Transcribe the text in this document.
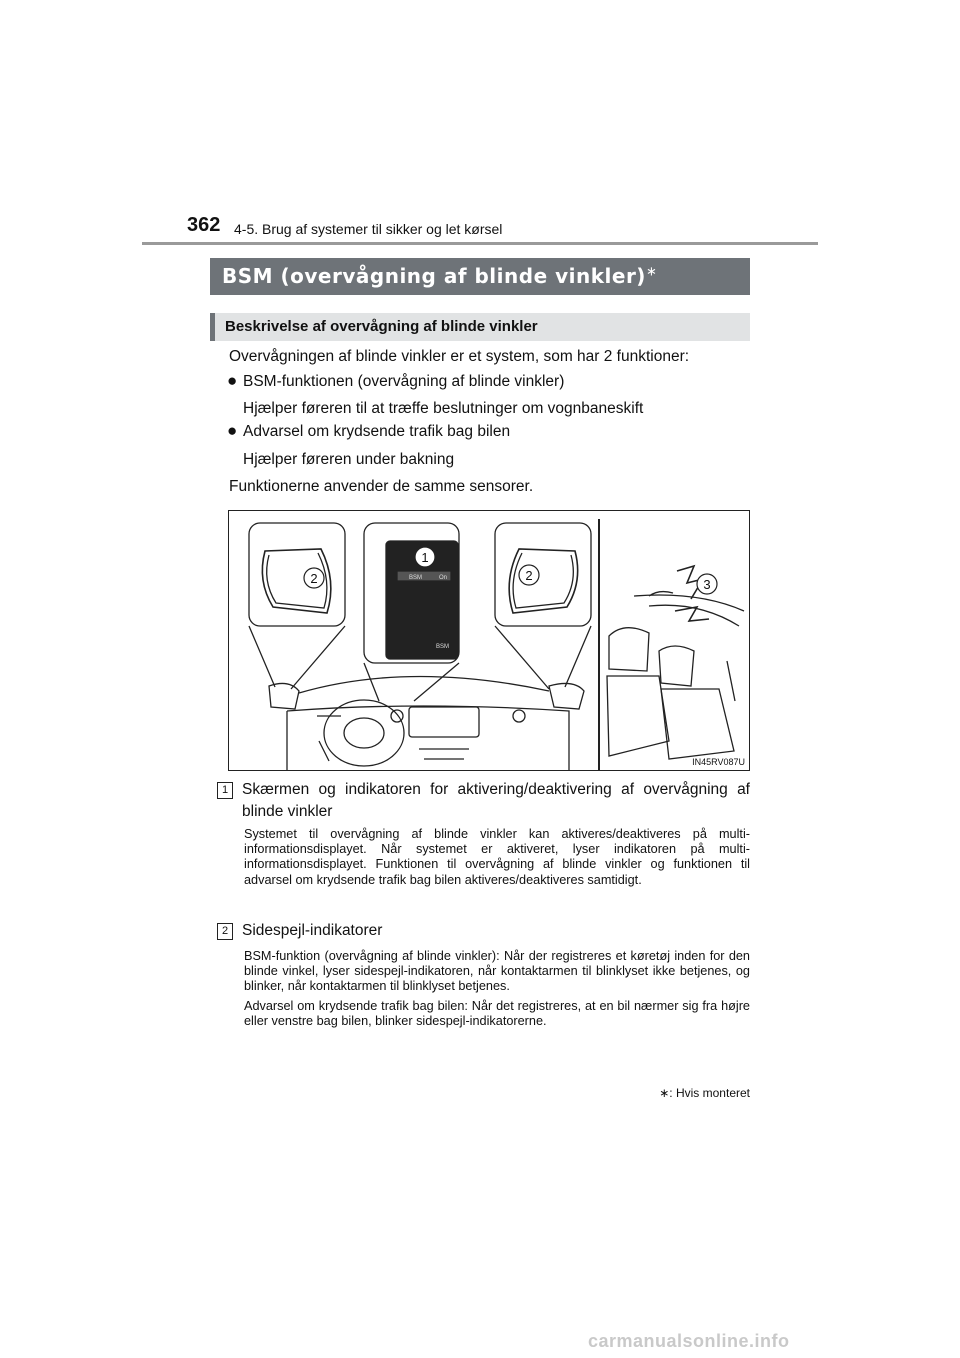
362 4-5. Brug af systemer til sikker og let kørsel
BSM (overvågning af blinde vinkler)∗
Beskrivelse af overvågning af blinde vinkler
Overvågningen af blinde vinkler er et system, som har 2 funktioner:
● BSM-funktionen (overvågning af blinde vinkler)
Hjælper føreren til at træffe beslutninger om vognbaneskift
● Advarsel om krydsende trafik bag bilen
Hjælper føreren under bakning
Funktionerne anvender de samme sensorer.
1
2	2
3
BSM	On
BSM
IN45RV087U
1 Skærmen og indikatoren for aktivering/deaktivering af overvågning af blinde vinkler

Systemet til overvågning af blinde vinkler kan aktiveres/deaktiveres på multi-informationsdisplayet. Når systemet er aktiveret, lyser indikatoren på multi-informationsdisplayet. Funktionen til overvågning af blinde vinkler og funktionen til advarsel om krydsende trafik bag bilen aktiveres/deaktiveres samtidigt.

2 Sidespejl-indikatorer

BSM-funktion (overvågning af blinde vinkler): Når der registreres et køretøj inden for den blinde vinkel, lyser sidespejl-indikatoren, når kontaktarmen til blinklyset ikke betjenes, og blinker, når kontaktarmen til blinklyset betjenes.

Advarsel om krydsende trafik bag bilen: Når det registreres, at en bil nærmer sig fra højre eller venstre bag bilen, blinker sidespejl-indikatorerne.

∗: Hvis monteret
carmanualsonline.info
